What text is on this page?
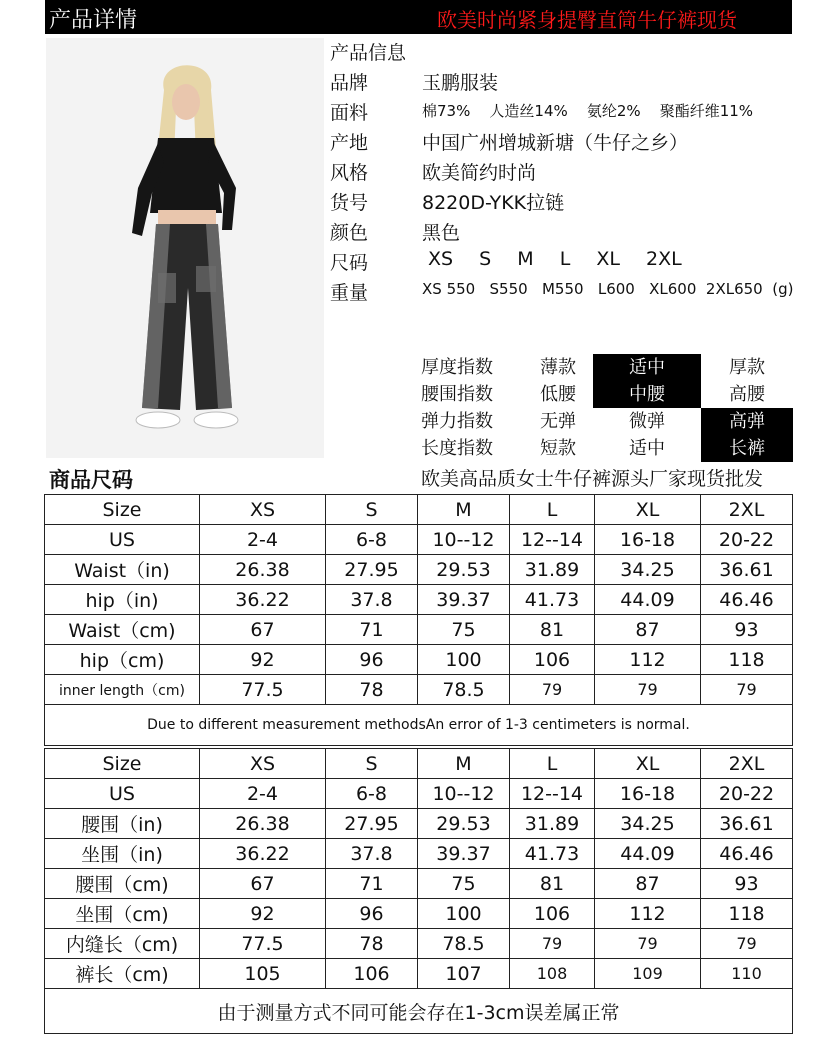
产品详情	欧美时尚紧身提臀直筒牛仔裤现货
产品信息
品牌	玉鹏服装
面料	棉73%    人造丝14%    氨纶2%    聚酯纤维11%
产地	中国广州增城新塘（牛仔之乡）
风格	欧美简约时尚
货号	8220D-YKK拉链
颜色	黑色
尺码	XS S M L XL 2XL
重量	XS 550   S550   M550   L600   XL600  2XL650  (g)
厚度指数	薄款	适中	厚款
腰围指数	低腰	中腰	高腰
弹力指数	无弹	微弹	高弹
长度指数	短款	适中	长裤
商品尺码	欧美高品质女士牛仔裤源头厂家现货批发
Size	XS	S	M	L	XL	2XL
US	2-4	6-8	10--12	12--14	16-18	20-22
Waist（in)	26.38	27.95	29.53	31.89	34.25	36.61
hip（in)	36.22	37.8	39.37	41.73	44.09	46.46
Waist（cm)	67	71	75	81	87	93
hip（cm)	92	96	100	106	112	118
inner length（cm)	77.5	78	78.5	79	79	79
Due to different measurement methodsAn error of 1-3 centimeters is normal.						
Size	XS	S	M	L	XL	2XL
US	2-4	6-8	10--12	12--14	16-18	20-22
腰围（in)	26.38	27.95	29.53	31.89	34.25	36.61
坐围（in)	36.22	37.8	39.37	41.73	44.09	46.46
腰围（cm)	67	71	75	81	87	93
坐围（cm)	92	96	100	106	112	118
内缝长（cm)	77.5	78	78.5	79	79	79
裤长（cm)	105	106	107	108	109	110
由于测量方式不同可能会存在1-3cm误差属正常						
